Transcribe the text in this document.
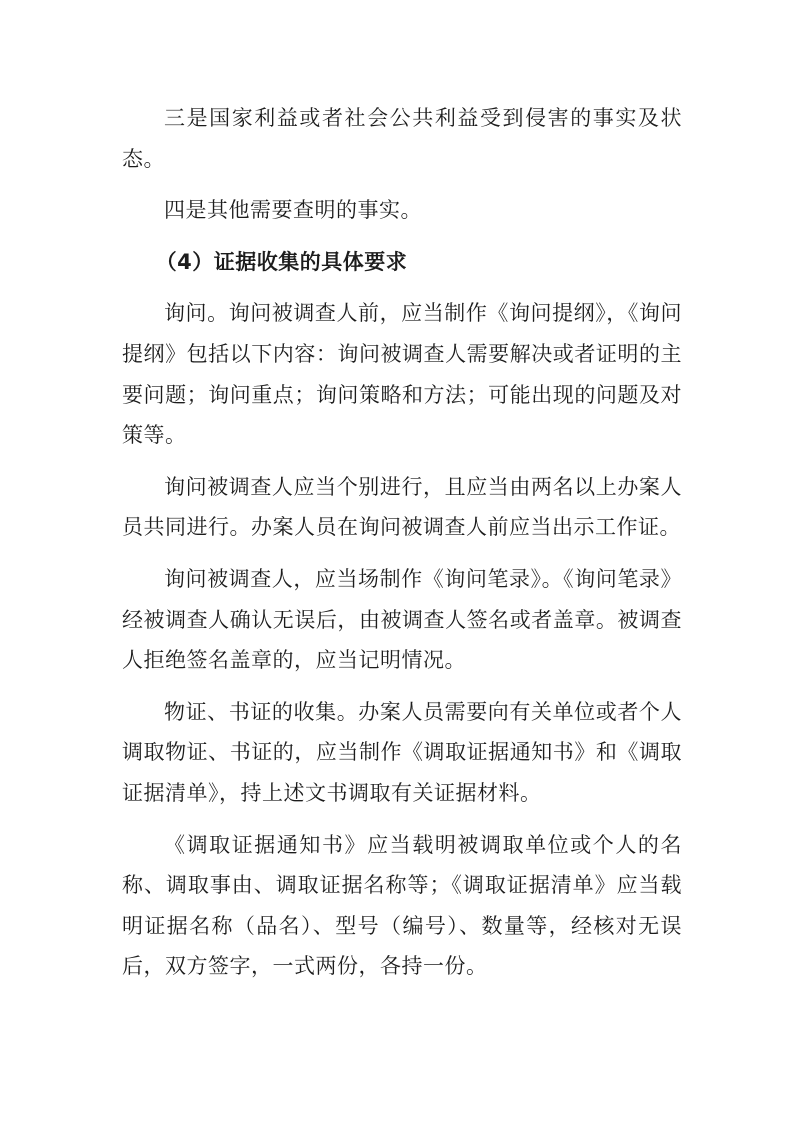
三是国家利益或者社会公共利益受到侵害的事实及状态。

四是其他需要查明的事实。

（4）证据收集的具体要求

询问。询问被调查人前，应当制作《询问提纲》，《询问提纲》包括以下内容：询问被调查人需要解决或者证明的主要问题；询问重点；询问策略和方法；可能出现的问题及对策等。

询问被调查人应当个别进行，且应当由两名以上办案人员共同进行。办案人员在询问被调查人前应当出示工作证。

询问被调查人，应当场制作《询问笔录》。《询问笔录》经被调查人确认无误后，由被调查人签名或者盖章。被调查人拒绝签名盖章的，应当记明情况。

物证、书证的收集。办案人员需要向有关单位或者个人调取物证、书证的，应当制作《调取证据通知书》和《调取证据清单》，持上述文书调取有关证据材料。

《调取证据通知书》应当载明被调取单位或个人的名称、调取事由、调取证据名称等；《调取证据清单》应当载明证据名称（品名）、型号（编号）、数量等，经核对无误后，双方签字，一式两份，各持一份。
